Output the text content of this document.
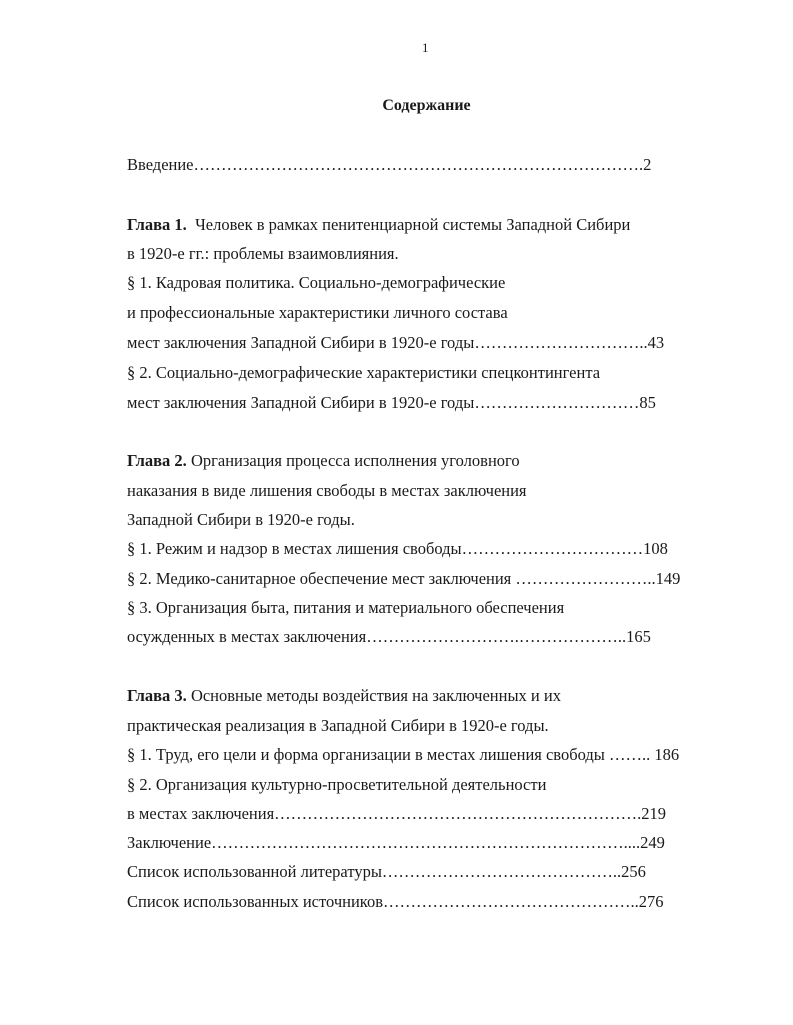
1
Содержание
Введение……………………………………………………………………….2
Глава 1. Человек в рамках пенитенциарной системы Западной Сибири
в 1920-е гг.: проблемы взаимовлияния.
§ 1. Кадровая политика. Социально-демографические
и профессиональные характеристики личного состава
мест заключения Западной Сибири в 1920-е годы…………………………..43
§ 2. Социально-демографические характеристики спецконтингента
мест заключения Западной Сибири в 1920-е годы…………………………85
Глава 2. Организация процесса исполнения уголовного
наказания в виде лишения свободы в местах заключения
Западной Сибири в 1920-е годы.
§ 1. Режим и надзор в местах лишения свободы……………………………108
§ 2. Медико-санитарное обеспечение мест заключения ……………………..149
§ 3. Организация быта, питания и материального обеспечения
осужденных в местах заключения……………………….………………..165
Глава 3. Основные методы воздействия на заключенных и их
практическая реализация в Западной Сибири в 1920-е годы.
§ 1. Труд, его цели и форма организации в местах лишения свободы …….. 186
§ 2. Организация культурно-просветительной деятельности
в местах заключения………………………………………………………….219
Заключение…………………………………………………………………....249
Список использованной литературы……………………………………..256
Список использованных источников………………………………………..276
